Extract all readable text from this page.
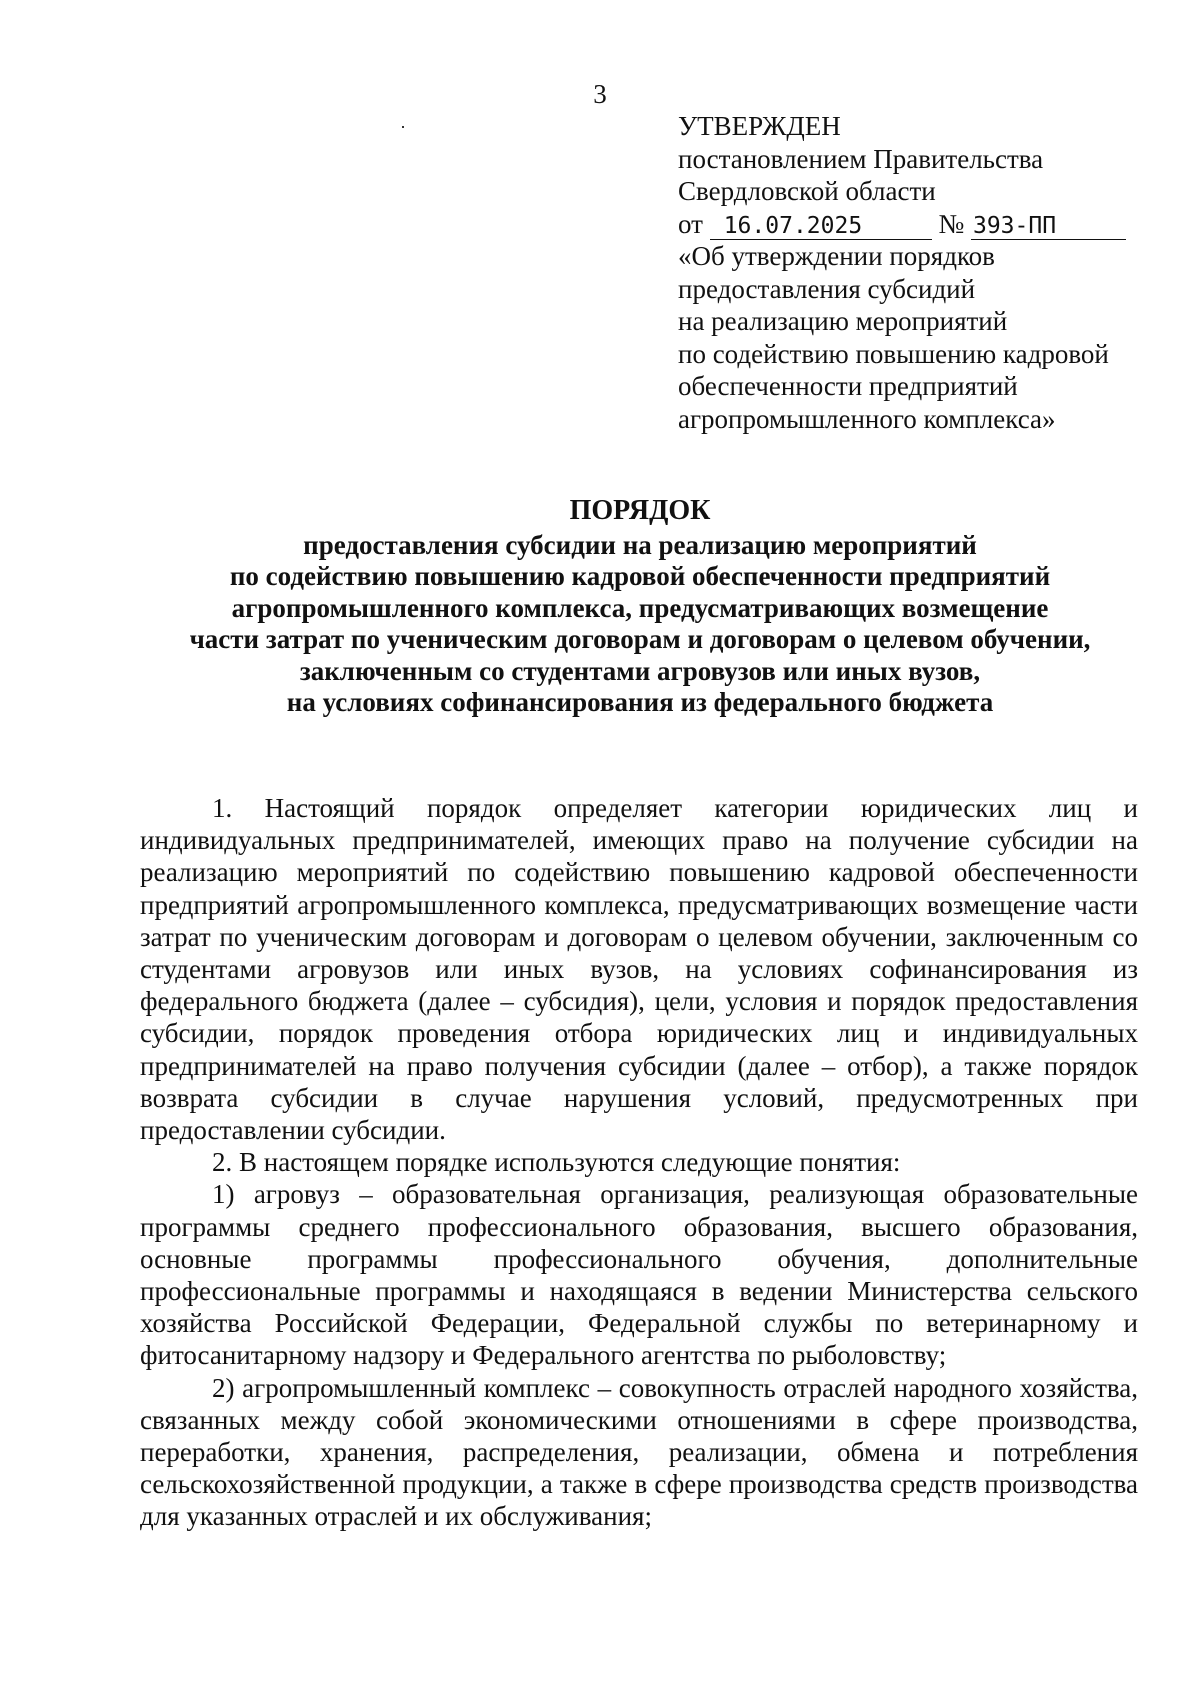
3
УТВЕРЖДЕН
постановлением Правительства
Свердловской области
от 16.07.2025	№ 393-ПП
«Об утверждении порядков
предоставления субсидий
на реализацию мероприятий
по содействию повышению кадровой
обеспеченности предприятий
агропромышленного комплекса»
ПОРЯДОК
предоставления субсидии на реализацию мероприятий
по содействию повышению кадровой обеспеченности предприятий
агропромышленного комплекса, предусматривающих возмещение
части затрат по ученическим договорам и договорам о целевом обучении,
заключенным со студентами агровузов или иных вузов,
на условиях софинансирования из федерального бюджета

1. Настоящий порядок определяет категории юридических лиц и индивидуальных предпринимателей, имеющих право на получение субсидии на реализацию мероприятий по содействию повышению кадровой обеспеченности предприятий агропромышленного комплекса, предусматривающих возмещение части затрат по ученическим договорам и договорам о целевом обучении, заключенным со студентами агровузов или иных вузов, на условиях софинансирования из федерального бюджета (далее – субсидия), цели, условия и порядок предоставления субсидии, порядок проведения отбора юридических лиц и индивидуальных предпринимателей на право получения субсидии (далее – отбор), а также порядок возврата субсидии в случае нарушения условий, предусмотренных при предоставлении субсидии.

2. В настоящем порядке используются следующие понятия:

1) агровуз – образовательная организация, реализующая образовательные программы среднего профессионального образования, высшего образования, основные программы профессионального обучения, дополнительные профессиональные программы и находящаяся в ведении Министерства сельского хозяйства Российской Федерации, Федеральной службы по ветеринарному и фитосанитарному надзору и Федерального агентства по рыболовству;

2) агропромышленный комплекс – совокупность отраслей народного хозяйства, связанных между собой экономическими отношениями в сфере производства, переработки, хранения, распределения, реализации, обмена и потребления сельскохозяйственной продукции, а также в сфере производства средств производства для указанных отраслей и их обслуживания;
